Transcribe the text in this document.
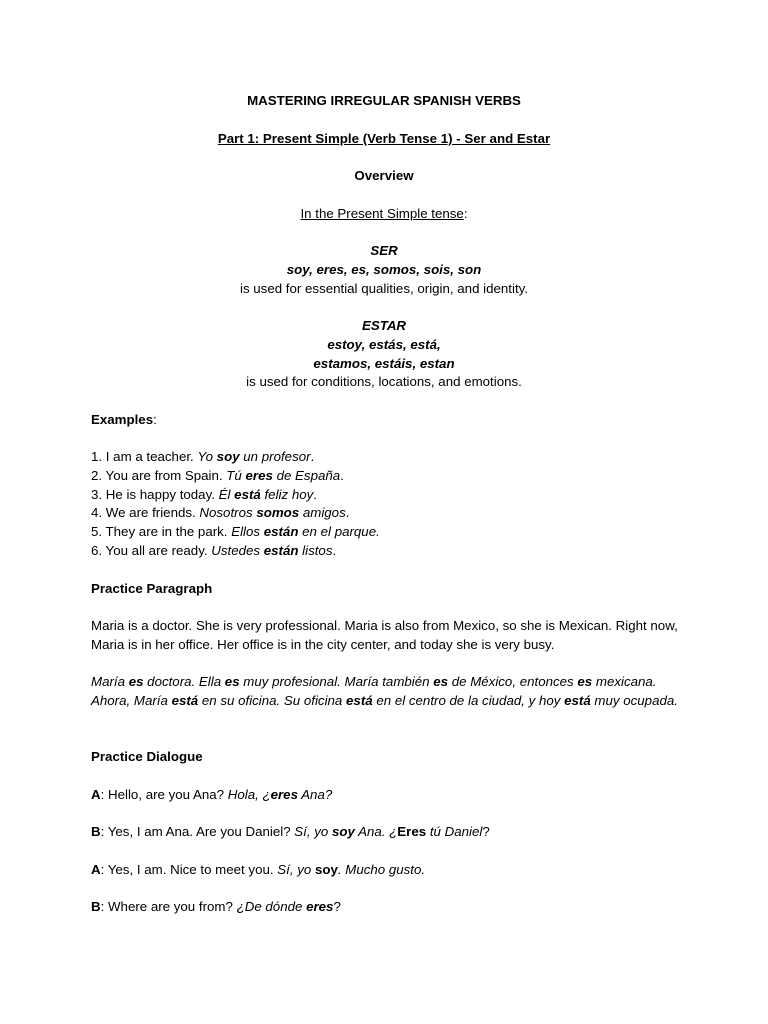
MASTERING IRREGULAR SPANISH VERBS
Part 1: Present Simple (Verb Tense 1) - Ser and Estar
Overview
In the Present Simple tense:
SER
soy, eres, es, somos, sois, son
is used for essential qualities, origin, and identity.
ESTAR
estoy, estás, está,
estamos, estáis, estan
is used for conditions, locations, and emotions.
Examples:
1. I am a teacher. Yo soy un profesor.
2. You are from Spain. Tú eres de España.
3. He is happy today. Él está feliz hoy.
4. We are friends. Nosotros somos amigos.
5. They are in the park. Ellos están en el parque.
6. You all are ready. Ustedes están listos.
Practice Paragraph
Maria is a doctor. She is very professional. Maria is also from Mexico, so she is Mexican. Right now, Maria is in her office. Her office is in the city center, and today she is very busy.
María es doctora. Ella es muy profesional. María también es de México, entonces es mexicana. Ahora, María está en su oficina. Su oficina está en el centro de la ciudad, y hoy está muy ocupada.
Practice Dialogue
A: Hello, are you Ana? Hola, ¿eres Ana?
B: Yes, I am Ana. Are you Daniel? Sí, yo soy Ana. ¿Eres tú Daniel?
A: Yes, I am. Nice to meet you. Sí, yo soy. Mucho gusto.
B: Where are you from? ¿De dónde eres?
